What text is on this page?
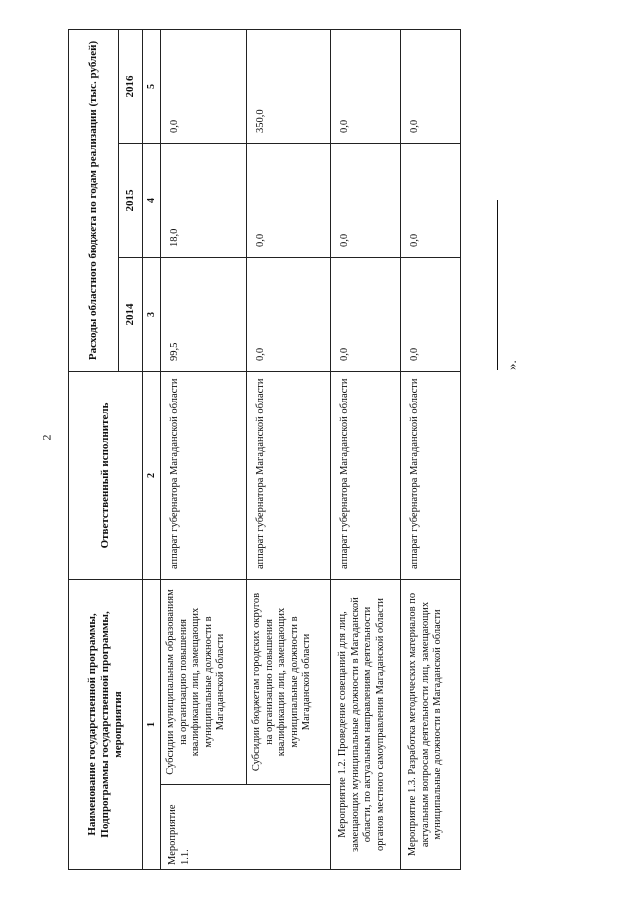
2
Наименование государственной программы, Подпрограммы государственной программы, мероприятия		Ответственный исполнитель	Расходы областного бюджета по годам реализации (тыс. рублей)		
			2014	2015	2016
1		2	3	4	5
Мероприятие 1.1.	Субсидии муниципальным образованиям на организацию повышения квалификации лиц, замещающих муниципальные должности в Магаданской области	аппарат губернатора Магаданской области	99,5	18,0	0,0
	Субсидии бюджетам городских округов на организацию повышения квалификации лиц, замещающих муниципальные должности в Магаданской области	аппарат губернатора Магаданской области	0,0	0,0	350,0
Мероприятие 1.2. Проведение совещаний для лиц, замещающих муниципальные должности в Магаданской области, по актуальным направлениям деятельности органов местного самоуправления Магаданской области		аппарат губернатора Магаданской области	0,0	0,0	0,0
Мероприятие 1.3. Разработка методических материалов по актуальным вопросам деятельности лиц, замещающих муниципальные должности в Магаданской области		аппарат губернатора Магаданской области	0,0	0,0	0,0
».
